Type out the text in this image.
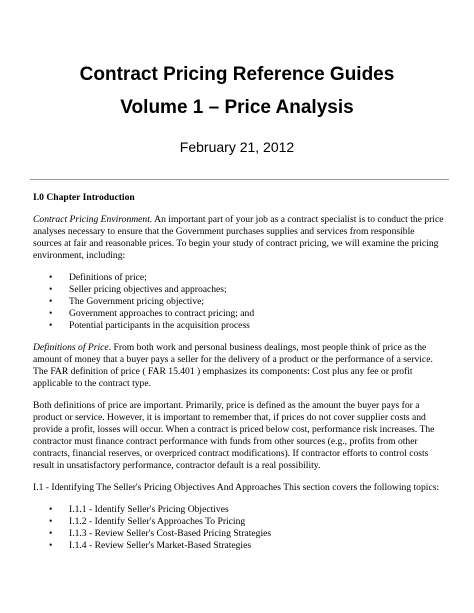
Contract Pricing Reference Guides
Volume 1 – Price Analysis
February 21, 2012

I.0 Chapter Introduction

Contract Pricing Environment. An important part of your job as a contract specialist is to conduct the price analyses necessary to ensure that the Government purchases supplies and services from responsible sources at fair and reasonable prices. To begin your study of contract pricing, we will examine the pricing environment, including:

• Definitions of price;
• Seller pricing objectives and approaches;
• The Government pricing objective;
• Government approaches to contract pricing; and
• Potential participants in the acquisition process

Definitions of Price. From both work and personal business dealings, most people think of price as the amount of money that a buyer pays a seller for the delivery of a product or the performance of a service. The FAR definition of price ( FAR 15.401 ) emphasizes its components: Cost plus any fee or profit applicable to the contract type.

Both definitions of price are important. Primarily, price is defined as the amount the buyer pays for a product or service. However, it is important to remember that, if prices do not cover supplier costs and provide a profit, losses will occur. When a contract is priced below cost, performance risk increases. The contractor must finance contract performance with funds from other sources (e.g., profits from other contracts, financial reserves, or overpriced contract modifications). If contractor efforts to control costs result in unsatisfactory performance, contractor default is a real possibility.

I.1 - Identifying The Seller's Pricing Objectives And Approaches This section covers the following topics:

• I.1.1 - Identify Seller's Pricing Objectives
• I.1.2 - Identify Seller's Approaches To Pricing
• I.1.3 - Review Seller's Cost-Based Pricing Strategies
• I.1.4 - Review Seller's Market-Based Strategies
